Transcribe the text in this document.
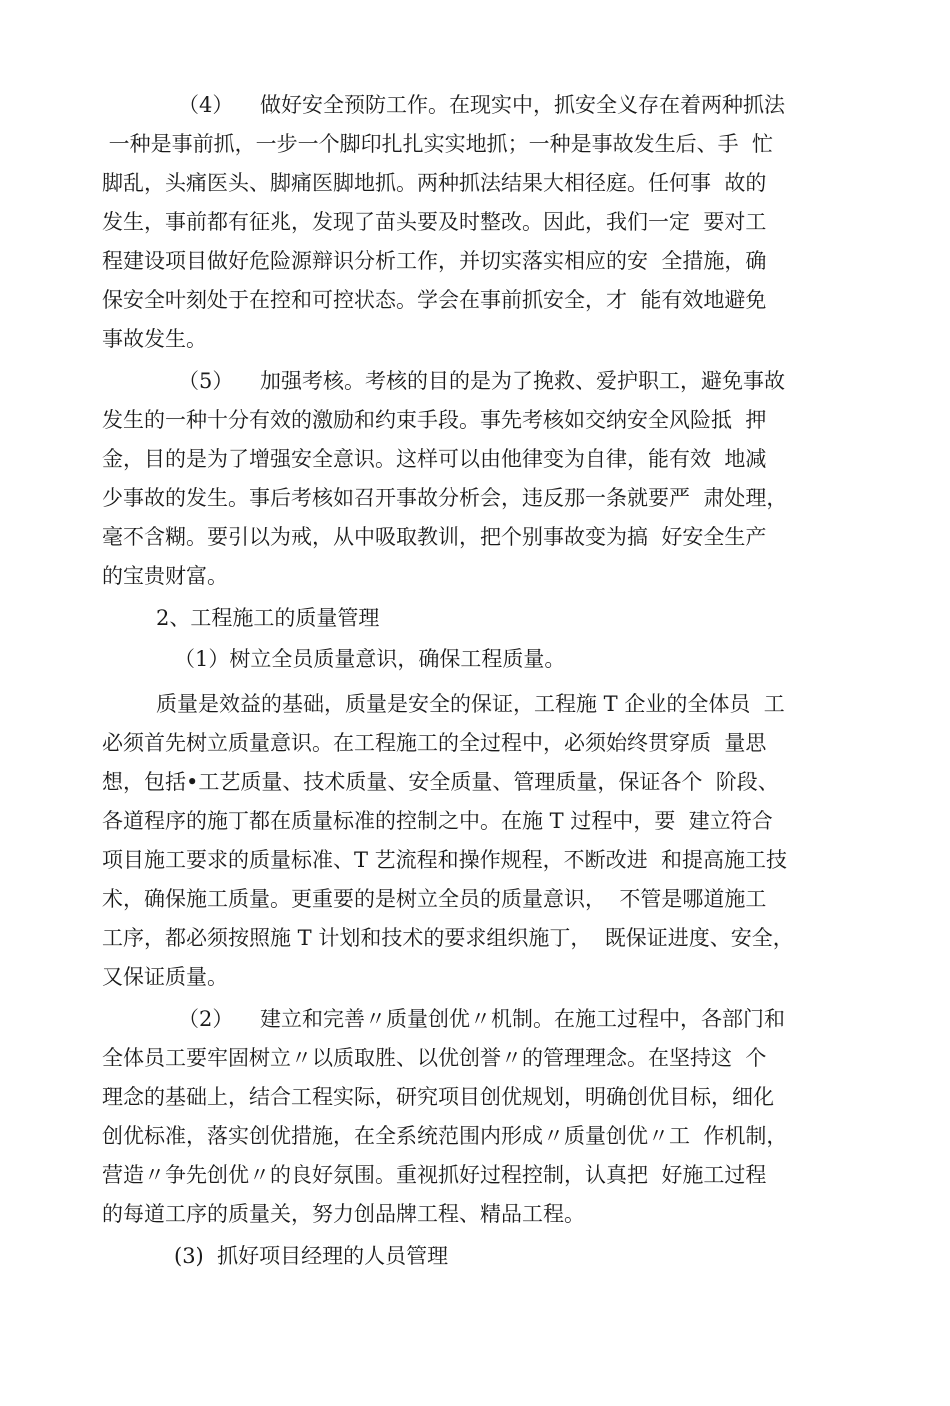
（4）    做好安全预防工作。在现实中，抓安全义存在着两种抓法
一种是事前抓，一步一个脚印扎扎实实地抓；一种是事故发生后、手  忙
脚乱，头痛医头、脚痛医脚地抓。两种抓法结果大相径庭。任何事  故的
发生，事前都有征兆，发现了苗头要及时整改。因此，我们一定  要对工
程建设项目做好危险源辩识分析工作，并切实落实相应的安  全措施，确
保安全叶刻处于在控和可控状态。学会在事前抓安全，才  能有效地避免
事故发生。
（5）    加强考核。考核的目的是为了挽救、爱护职工，避免事故
发生的一种十分有效的激励和约束手段。事先考核如交纳安全风险抵  押
金，目的是为了增强安全意识。这样可以由他律变为自律，能有效  地减
少事故的发生。事后考核如召开事故分析会，违反那一条就要严  肃处理，
毫不含糊。要引以为戒，从中吸取教训，把个别事故变为搞  好安全生产
的宝贵财富。
2、工程施工的质量管理
（1）树立全员质量意识，确保工程质量。
质量是效益的基础，质量是安全的保证，工程施 T 企业的全体员  工
必须首先树立质量意识。在工程施工的全过程中，必须始终贯穿质  量思
想，包括•工艺质量、技术质量、安全质量、管理质量，保证各个  阶段、
各道程序的施丁都在质量标准的控制之中。在施 T 过程中，要  建立符合
项目施工要求的质量标准、T 艺流程和操作规程，不断改进  和提高施工技
术，确保施工质量。更重要的是树立全员的质量意识，  不管是哪道施工
工序，都必须按照施 T 计划和技术的要求组织施丁，  既保证进度、安全，
又保证质量。
（2）    建立和完善〃质量创优〃机制。在施工过程中，各部门和
全体员工要牢固树立〃以质取胜、以优创誉〃的管理理念。在坚持这  个
理念的基础上，结合工程实际，研究项目创优规划，明确创优目标，细化
创优标准，落实创优措施，在全系统范围内形成〃质量创优〃工  作机制，
营造〃争先创优〃的良好氛围。重视抓好过程控制，认真把  好施工过程
的每道工序的质量关，努力创品牌工程、精品工程。
(3)  抓好项目经理的人员管理
